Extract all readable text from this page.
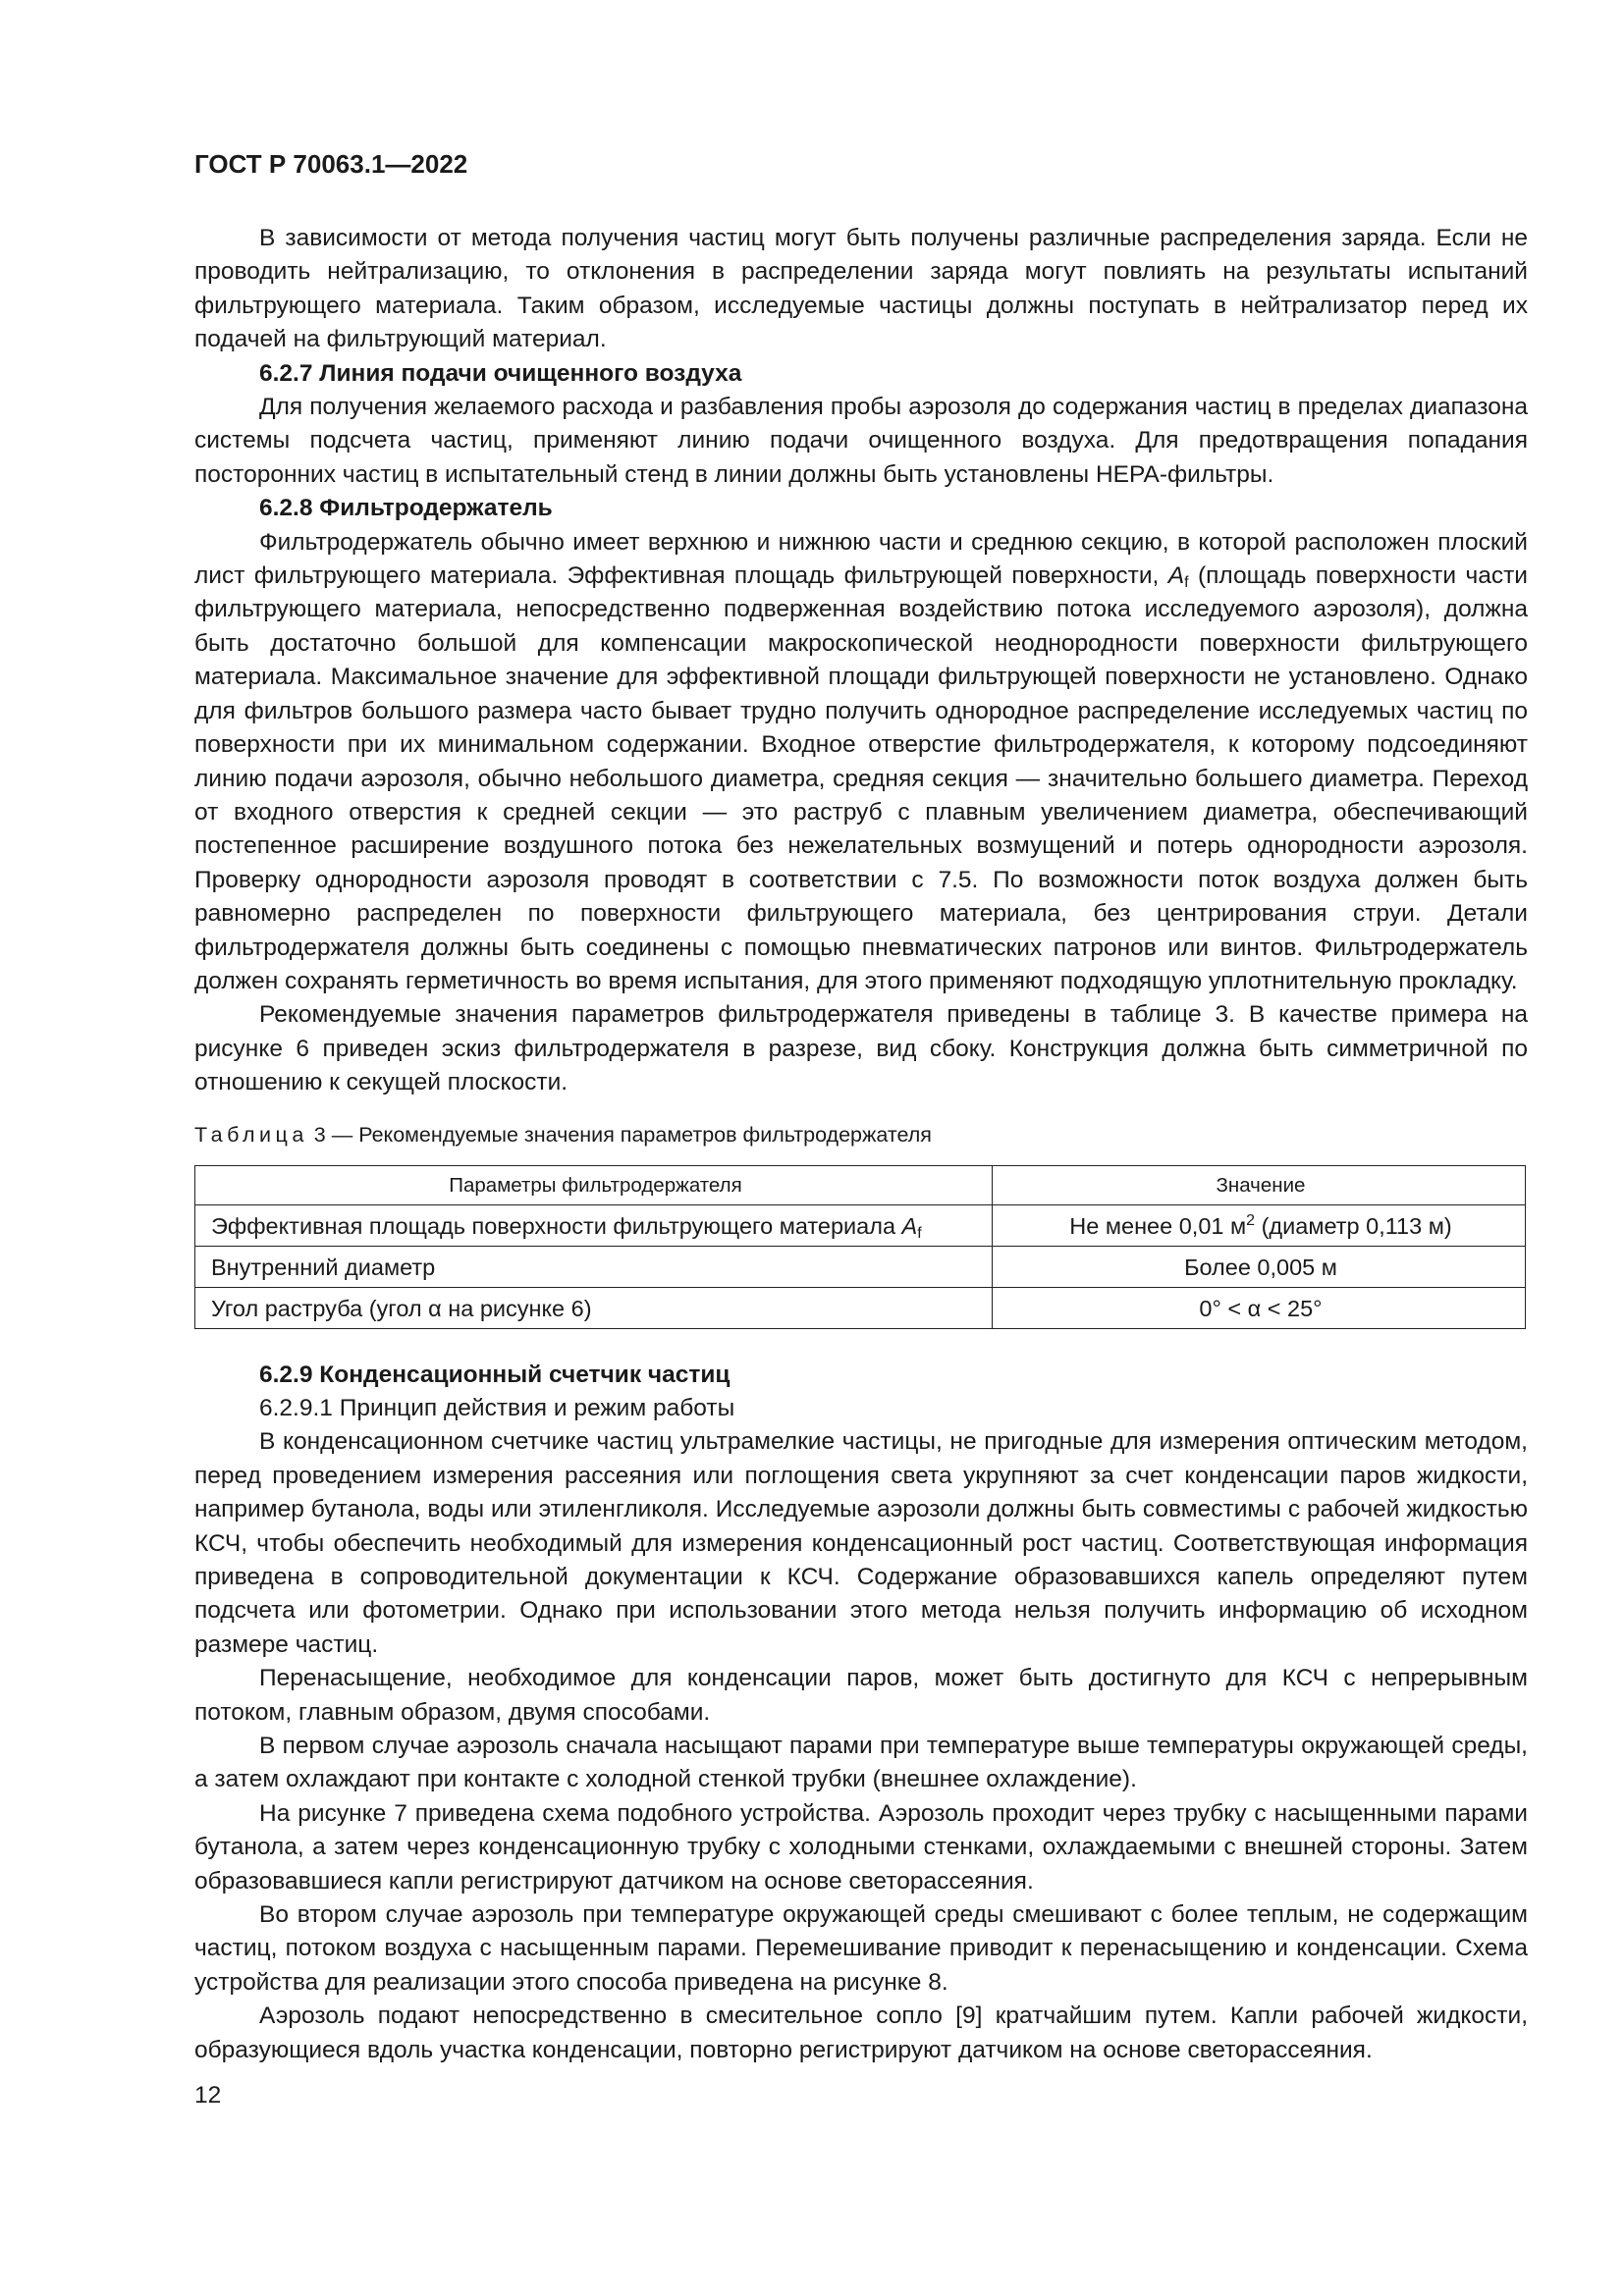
ГОСТ Р 70063.1—2022

В зависимости от метода получения частиц могут быть получены различные распределения заряда. Если не проводить нейтрализацию, то отклонения в распределении заряда могут повлиять на результаты испытаний фильтрующего материала. Таким образом, исследуемые частицы должны поступать в нейтрализатор перед их подачей на фильтрующий материал.

6.2.7 Линия подачи очищенного воздуха

Для получения желаемого расхода и разбавления пробы аэрозоля до содержания частиц в пределах диапазона системы подсчета частиц, применяют линию подачи очищенного воздуха. Для предотвращения попадания посторонних частиц в испытательный стенд в линии должны быть установлены HEPA-фильтры.

6.2.8 Фильтродержатель

Фильтродержатель обычно имеет верхнюю и нижнюю части и среднюю секцию, в которой расположен плоский лист фильтрующего материала. Эффективная площадь фильтрующей поверхности, $A_f$ (площадь поверхности части фильтрующего материала, непосредственно подверженная воздействию потока исследуемого аэрозоля), должна быть достаточно большой для компенсации макроскопической неоднородности поверхности фильтрующего материала. Максимальное значение для эффективной площади фильтрующей поверхности не установлено. Однако для фильтров большого размера часто бывает трудно получить однородное распределение исследуемых частиц по поверхности при их минимальном содержании. Входное отверстие фильтродержателя, к которому подсоединяют линию подачи аэрозоля, обычно небольшого диаметра, средняя секция — значительно большего диаметра. Переход от входного отверстия к средней секции — это раструб с плавным увеличением диаметра, обеспечивающий постепенное расширение воздушного потока без нежелательных возмущений и потерь однородности аэрозоля. Проверку однородности аэрозоля проводят в соответствии с 7.5. По возможности поток воздуха должен быть равномерно распределен по поверхности фильтрующего материала, без центрирования струи. Детали фильтродержателя должны быть соединены с помощью пневматических патронов или винтов. Фильтродержатель должен сохранять герметичность во время испытания, для этого применяют подходящую уплотнительную прокладку.

Рекомендуемые значения параметров фильтродержателя приведены в таблице 3. В качестве примера на рисунке 6 приведен эскиз фильтродержателя в разрезе, вид сбоку. Конструкция должна быть симметричной по отношению к секущей плоскости.

Таблица 3 — Рекомендуемые значения параметров фильтродержателя

Параметры фильтродержателя	Значение
Эффективная площадь поверхности фильтрующего материала $A_f$	Не менее 0,01 $м^2$ (диаметр 0,113 м)
Внутренний диаметр	Более 0,005 м
Угол раструба (угол α на рисунке 6)	0° < α < 25°

6.2.9 Конденсационный счетчик частиц

6.2.9.1 Принцип действия и режим работы

В конденсационном счетчике частиц ультрамелкие частицы, не пригодные для измерения оптическим методом, перед проведением измерения рассеяния или поглощения света укрупняют за счет конденсации паров жидкости, например бутанола, воды или этиленгликоля. Исследуемые аэрозоли должны быть совместимы с рабочей жидкостью КСЧ, чтобы обеспечить необходимый для измерения конденсационный рост частиц. Соответствующая информация приведена в сопроводительной документации к КСЧ. Содержание образовавшихся капель определяют путем подсчета или фотометрии. Однако при использовании этого метода нельзя получить информацию об исходном размере частиц.

Перенасыщение, необходимое для конденсации паров, может быть достигнуто для КСЧ с непрерывным потоком, главным образом, двумя способами.

В первом случае аэрозоль сначала насыщают парами при температуре выше температуры окружающей среды, а затем охлаждают при контакте с холодной стенкой трубки (внешнее охлаждение).

На рисунке 7 приведена схема подобного устройства. Аэрозоль проходит через трубку с насыщенными парами бутанола, а затем через конденсационную трубку с холодными стенками, охлаждаемыми с внешней стороны. Затем образовавшиеся капли регистрируют датчиком на основе светорассеяния.

Во втором случае аэрозоль при температуре окружающей среды смешивают с более теплым, не содержащим частиц, потоком воздуха с насыщенным парами. Перемешивание приводит к перенасыщению и конденсации. Схема устройства для реализации этого способа приведена на рисунке 8.

Аэрозоль подают непосредственно в смесительное сопло [9] кратчайшим путем. Капли рабочей жидкости, образующиеся вдоль участка конденсации, повторно регистрируют датчиком на основе светорассеяния.

12
